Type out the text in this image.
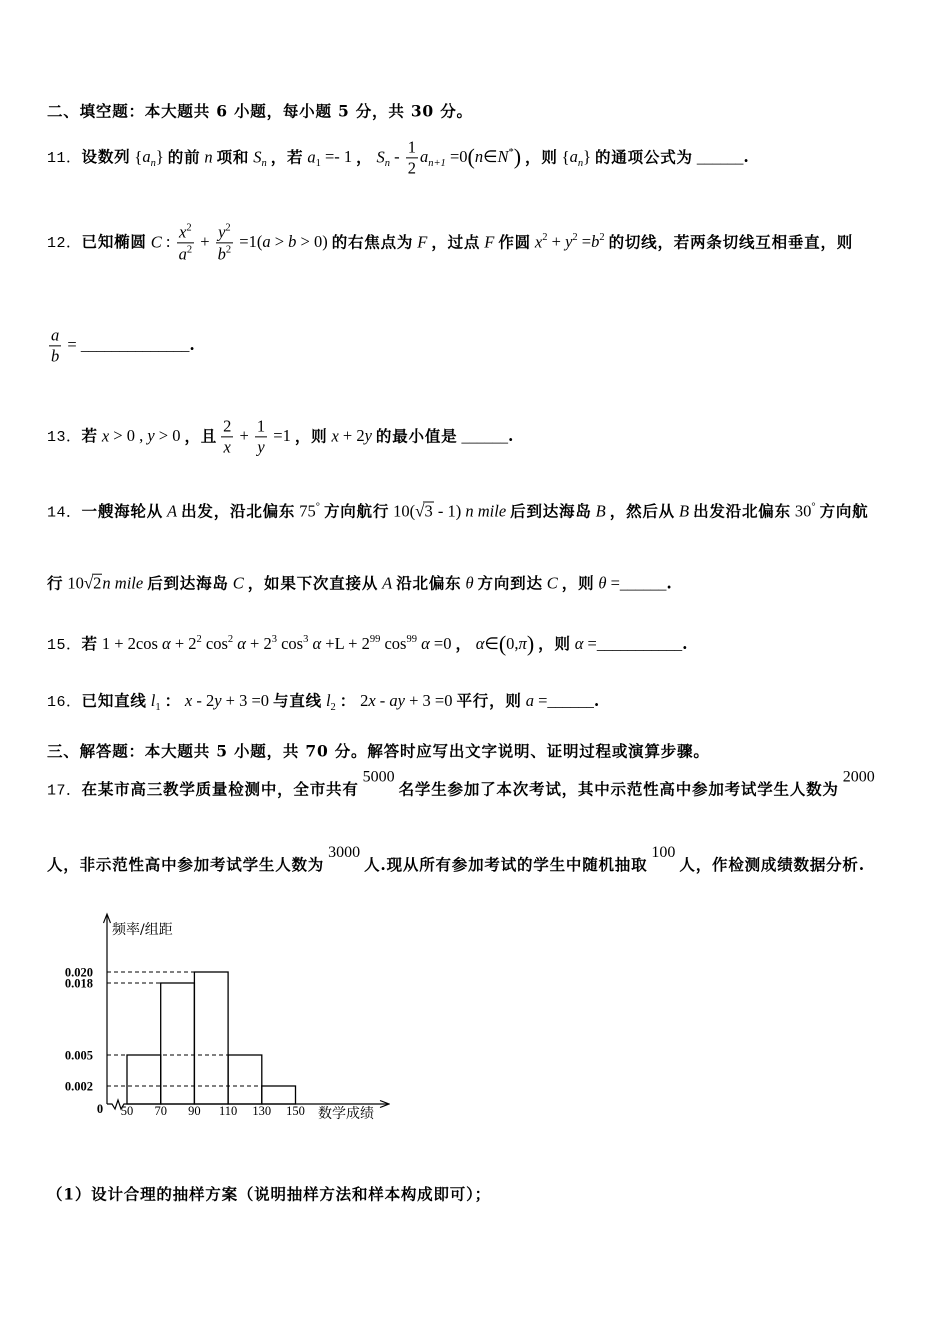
二、填空题：本大题共 6 小题，每小题 5 分，共 30 分。
11．设数列 $\{a_n\}$ 的前 n 项和 $S_n$ ，若 $a_1 =- 1$ ， $S_n - \frac{1}{2} a_{n+1}$ =0(n∈N*) ，则 $\{a_n\}$ 的通项公式为 ______.
12．已知椭圆 C : $\frac{x^2}{a^2} + \frac{y^2}{b^2} =1(a > b > 0)$ 的右焦点为 F ，过点 F 作圆 $x^2 + y^2 =b^2$ 的切线，若两条切线互相垂直，则
$\frac{a}{b}$ = ______________.
13．若 x > 0 , y > 0 ，且 $\frac{2}{x} + \frac{1}{y} =1$ ，则 x + 2y 的最小值是 ______.
14．一艘海轮从 A 出发，沿北偏东 75° 方向航行 10(√3 - 1) n mile 后到达海岛 B ，然后从 B 出发沿北偏东 30° 方向航
行 10√2n mile 后到达海岛 C ，如果下次直接从 A 沿北偏东 θ 方向到达 C ，则 θ =______.
15．若 1 + 2cos $\alpha + 2^2$ $\cos^2 \alpha + 2^3$ $\cos^3 \alpha +L + 2^{99}$ $\cos^{99} \alpha =0$ ， α∈(0,π) ，则 α =___________.
16．已知直线 $l_1$ ： x - 2y + 3 =0 与直线 $l_2$ ： 2x - ay + 3 =0 平行，则 a =______.
三、解答题：本大题共 5 小题，共 70 分。解答时应写出文字说明、证明过程或演算步骤。
17．在某市高三教学质量检测中，全市共有5000名学生参加了本次考试，其中示范性高中参加考试学生人数为2000
人，非示范性高中参加考试学生人数为3000人.现从所有参加考试的学生中随机抽取100人，作检测成绩数据分析.
0.020
0.018
0.005
0.002
频率/组距
0 50 70 90 110 130 150 数学成绩
（1）设计合理的抽样方案（说明抽样方法和样本构成即可）；
